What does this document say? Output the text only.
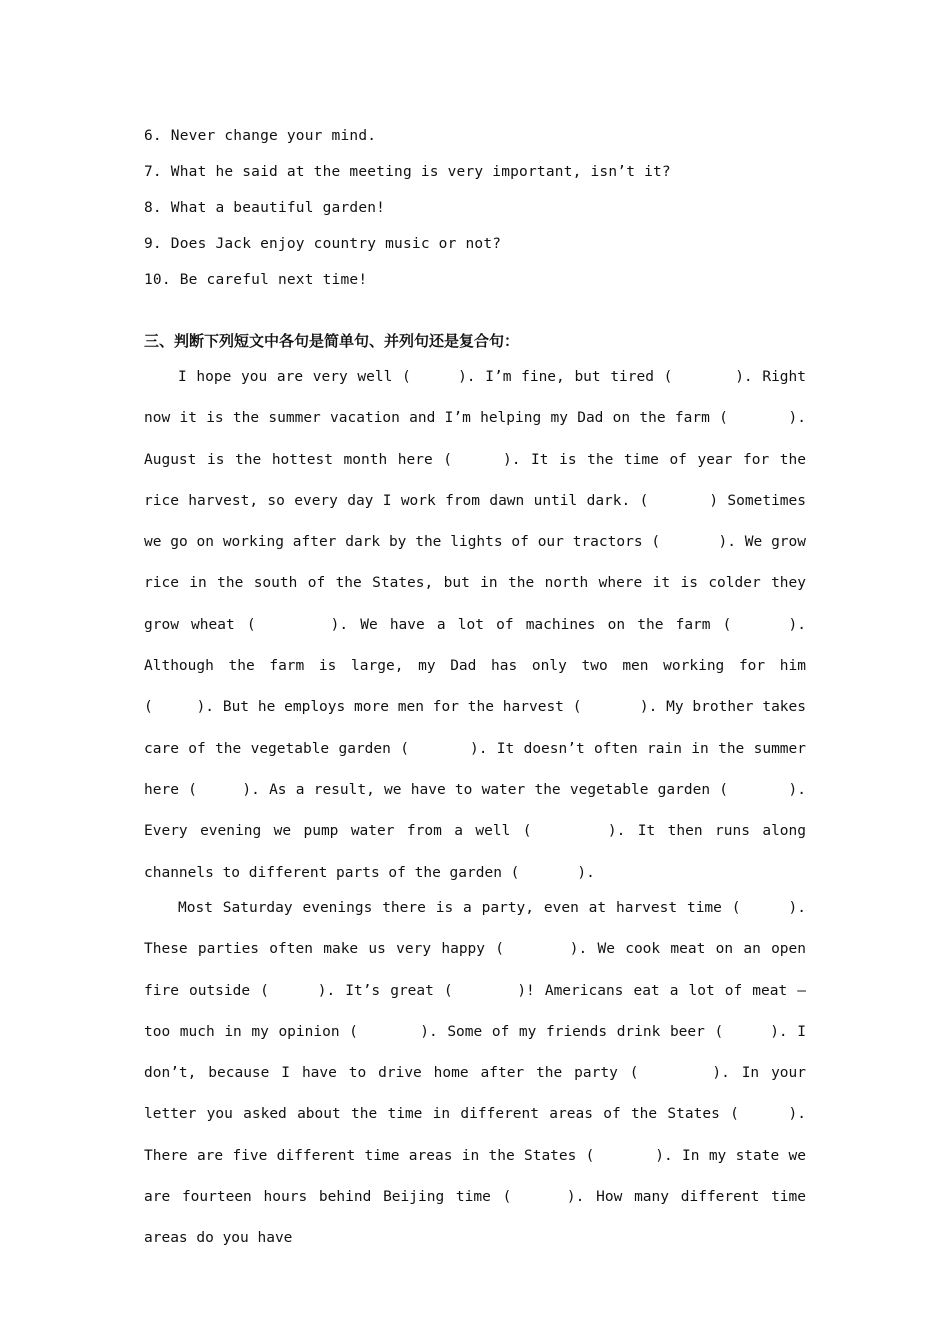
6. Never change your mind.
7. What he said at the meeting is very important, isn’t it?
8. What a beautiful garden!
9. Does Jack enjoy country music or not?
10. Be careful next time!
三、判断下列短文中各句是简单句、并列句还是复合句：

I hope you are very well (　　　). I’m fine, but tired (　　　　). Right now it is the summer vacation and I’m helping my Dad on the farm (　　　　). August is the hottest month here (　　　). It is the time of year for the rice harvest, so every day I work from dawn until dark. (　　　　) Sometimes we go on working after dark by the lights of our tractors (　　　　). We grow rice in the south of the States, but in the north where it is colder they grow wheat (　　　　). We have a lot of machines on the farm (　　　). Although the farm is large, my Dad has only two men working for him (　　　). But he employs more men for the harvest (　　　　). My brother takes care of the vegetable garden (　　　　). It doesn’t often rain in the summer here (　　　). As a result, we have to water the vegetable garden (　　　　). Every evening we pump water from a well (　　　　). It then runs along channels to different parts of the garden (　　　　).

Most Saturday evenings there is a party, even at harvest time (　　　). These parties often make us very happy (　　　　). We cook meat on an open fire outside (　　　). It’s great (　　　　)! Americans eat a lot of meat — too much in my opinion (　　　　). Some of my friends drink beer (　　　). I don’t, because I have to drive home after the party (　　　　). In your letter you asked about the time in different areas of the States (　　　). There are five different time areas in the States (　　　　). In my state we are fourteen hours behind Beijing time (　　　). How many different time areas do you have
